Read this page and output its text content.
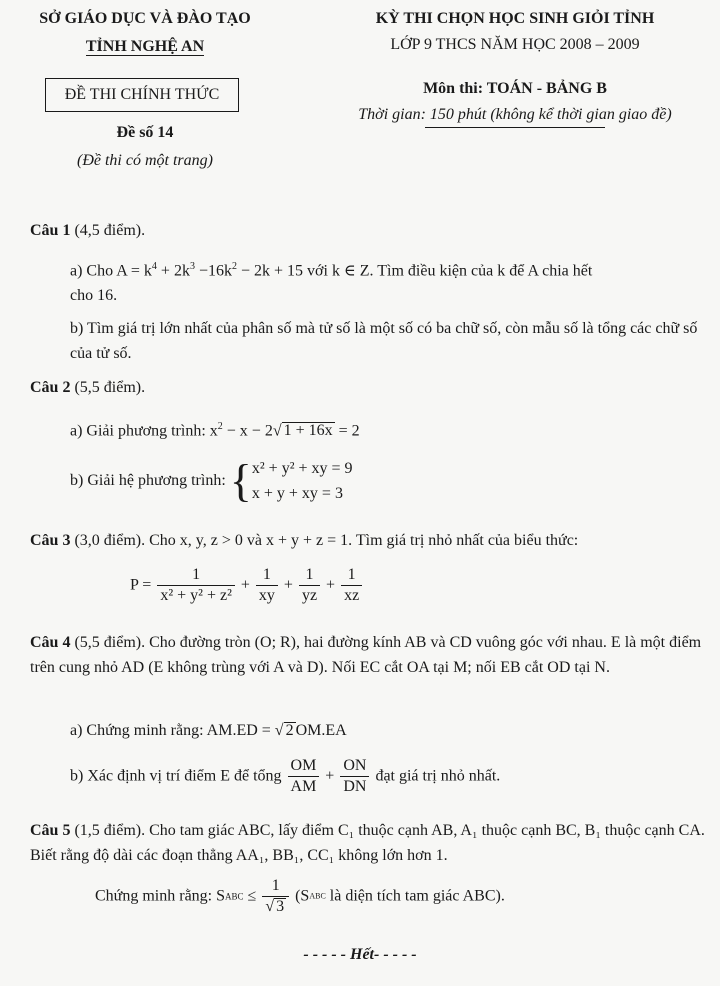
SỞ GIÁO DỤC VÀ ĐÀO TẠO
TỈNH NGHỆ AN
KỲ THI CHỌN HỌC SINH GIỎI TỈNH
LỚP 9 THCS NĂM HỌC 2008 – 2009
ĐỀ THI CHÍNH THỨC	Môn thi: TOÁN - BẢNG B
Thời gian: 150 phút (không kể thời gian giao đề)
Đề số 14
(Đề thi có một trang)
Câu 1 (4,5 điểm).
a) Cho $A = k^4 + 2k^3 -16k^2 - 2k + 15$ với k ∈ Z. Tìm điều kiện của k để A chia hết
cho 16.
b) Tìm giá trị lớn nhất của phân số mà tử số là một số có ba chữ số, còn mẫu số là tổng các chữ số của tử số.
Câu 2 (5,5 điểm).
a) Giải phương trình: $x^2 - x - 2√$ 1 + 16x = 2
b) Giải hệ phương trình: { x² + y² + xy = 9
x + y + xy = 3
Câu 3 (3,0 điểm). Cho x, y, z > 0 và x + y + z = 1. Tìm giá trị nhỏ nhất của biểu thức:
$P = \frac{1}{\text{x² + y² + z²}} + \frac{1}{xy} + \frac{1}{yz} + \frac{1}{xz}$
Câu 4 (5,5 điểm). Cho đường tròn (O; R), hai đường kính AB và CD vuông góc với nhau. E là một điểm trên cung nhỏ AD (E không trùng với A và D). Nối EC cắt OA tại M; nối EB cắt OD tại N.
a) Chứng minh rằng: AM.ED = √ 2 OM.EA
b) Xác định vị trí điểm E để tổng $\frac{OM}{AM} + \frac{ON}{DN}$ đạt giá trị nhỏ nhất.
Câu 5 (1,5 điểm). Cho tam giác ABC, lấy điểm C₁ thuộc cạnh AB, A₁ thuộc cạnh BC, B₁ thuộc cạnh CA. Biết rằng độ dài các đoạn thẳng AA₁, BB₁, CC₁ không lớn hơn 1.
Chứng minh rằng: SABC ≤ $\frac{1}{√ 3}$ (SABC là diện tích tam giác ABC).
- - - - - Hết- - - - -
